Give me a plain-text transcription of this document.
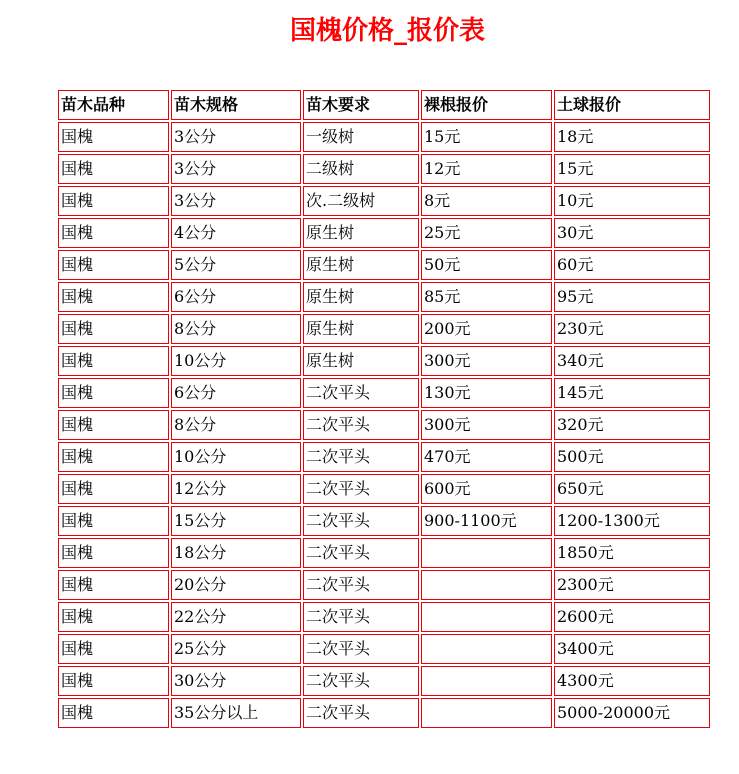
国槐价格_报价表
苗木品种	苗木规格	苗木要求	裸根报价	土球报价
国槐	3公分	一级树	15元	18元
国槐	3公分	二级树	12元	15元
国槐	3公分	次.二级树	8元	10元
国槐	4公分	原生树	25元	30元
国槐	5公分	原生树	50元	60元
国槐	6公分	原生树	85元	95元
国槐	8公分	原生树	200元	230元
国槐	10公分	原生树	300元	340元
国槐	6公分	二次平头	130元	145元
国槐	8公分	二次平头	300元	320元
国槐	10公分	二次平头	470元	500元
国槐	12公分	二次平头	600元	650元
国槐	15公分	二次平头	900-1100元	1200-1300元
国槐	18公分	二次平头		1850元
国槐	20公分	二次平头		2300元
国槐	22公分	二次平头		2600元
国槐	25公分	二次平头		3400元
国槐	30公分	二次平头		4300元
国槐	35公分以上	二次平头		5000-20000元
